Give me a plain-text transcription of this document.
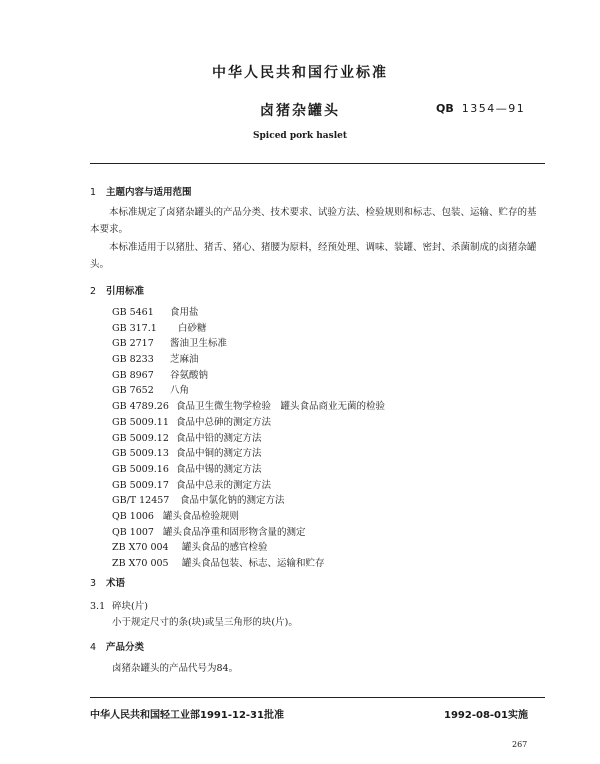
中华人民共和国行业标准
卤猪杂罐头	QB 1354—91
Spiced pork haslet
1 主题内容与适用范围
本标准规定了卤猪杂罐头的产品分类、技术要求、试验方法、检验规则和标志、包装、运输、贮存的基本要求。
本标准适用于以猪肚、猪舌、猪心、猪腰为原料，经预处理、调味、装罐、密封、杀菌制成的卤猪杂罐头。
2 引用标准
GB 5461 食用盐
GB 317.1 白砂糖
GB 2717 酱油卫生标准
GB 8233 芝麻油
GB 8967 谷氨酸钠
GB 7652 八角
GB 4789.26 食品卫生微生物学检验　罐头食品商业无菌的检验
GB 5009.11 食品中总砷的测定方法
GB 5009.12 食品中铅的测定方法
GB 5009.13 食品中铜的测定方法
GB 5009.16 食品中锡的测定方法
GB 5009.17 食品中总汞的测定方法
GB/T 12457 食品中氯化钠的测定方法
QB 1006 罐头食品检验规则
QB 1007 罐头食品净重和固形物含量的测定
ZB X70 004 罐头食品的感官检验
ZB X70 005 罐头食品包装、标志、运输和贮存
3 术语
3.1 碎块(片)
小于规定尺寸的条(块)或呈三角形的块(片)。
4 产品分类
卤猪杂罐头的产品代号为84。
中华人民共和国轻工业部1991-12-31批准	1992-08-01实施
267
